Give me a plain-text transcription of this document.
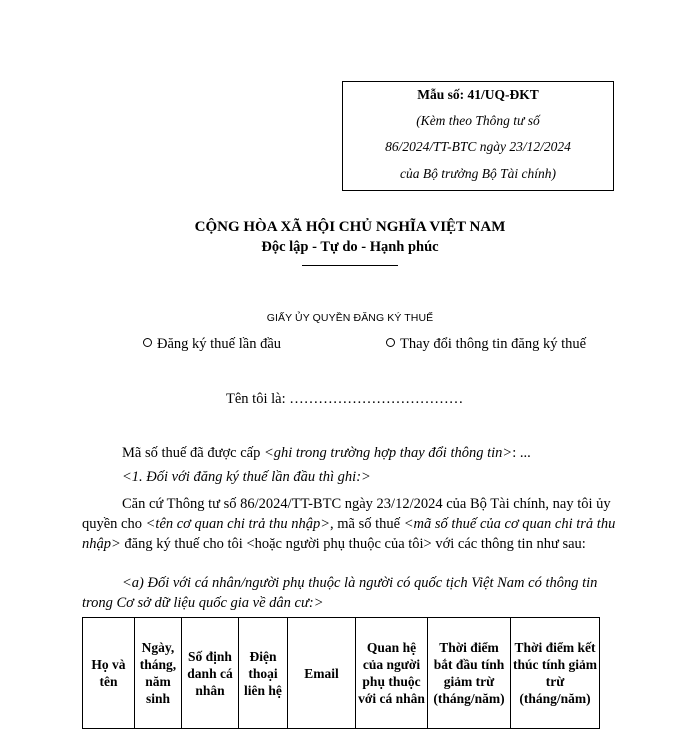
Mẫu số: 41/UQ-ĐKT
(Kèm theo Thông tư số
86/2024/TT-BTC ngày 23/12/2024
của Bộ trưởng Bộ Tài chính)
CỘNG HÒA XÃ HỘI CHỦ NGHĨA VIỆT NAM
Độc lập - Tự do - Hạnh phúc
GIẤY ỦY QUYỀN ĐĂNG KÝ THUẾ
Đăng ký thuế lần đầu	Thay đổi thông tin đăng ký thuế
Tên tôi là: ………………………………
Mã số thuế đã được cấp <ghi trong trường hợp thay đổi thông tin>: ...
<1. Đối với đăng ký thuế lần đầu thì ghi:>
Căn cứ Thông tư số 86/2024/TT-BTC ngày 23/12/2024 của Bộ Tài chính, nay tôi ủy quyền cho <tên cơ quan chi trả thu nhập>, mã số thuế <mã số thuế của cơ quan chi trả thu nhập> đăng ký thuế cho tôi <hoặc người phụ thuộc của tôi> với các thông tin như sau:
<a) Đối với cá nhân/người phụ thuộc là người có quốc tịch Việt Nam có thông tin trong Cơ sở dữ liệu quốc gia về dân cư:>
Họ và tên	Ngày, tháng, năm sinh	Số định danh cá nhân	Điện thoại liên hệ	Email	Quan hệ của người phụ thuộc với cá nhân	Thời điểm bắt đầu tính giảm trừ (tháng/năm)	Thời điểm kết thúc tính giảm trừ (tháng/năm)
